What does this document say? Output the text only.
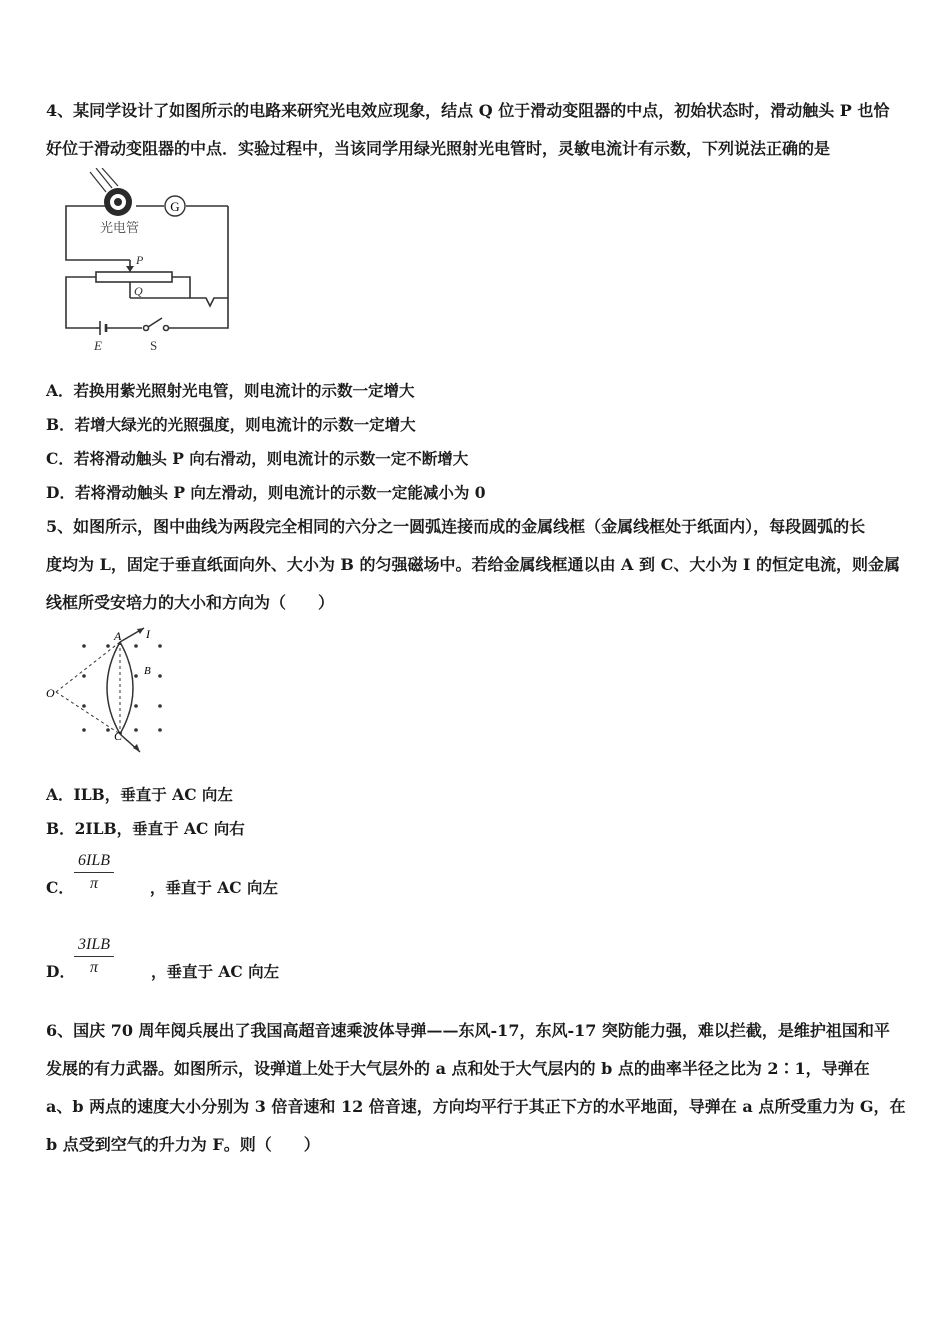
4、某同学设计了如图所示的电路来研究光电效应现象，结点 Q 位于滑动变阻器的中点，初始状态时，滑动触头 P 也恰
好位于滑动变阻器的中点．实验过程中，当该同学用绿光照射光电管时，灵敏电流计有示数，下列说法正确的是
G
光电管
P
Q
E	S
A．若换用紫光照射光电管，则电流计的示数一定增大
B．若增大绿光的光照强度，则电流计的示数一定增大
C．若将滑动触头 P 向右滑动，则电流计的示数一定不断增大
D．若将滑动触头 P 向左滑动，则电流计的示数一定能减小为 0
5、如图所示，图中曲线为两段完全相同的六分之一圆弧连接而成的金属线框（金属线框处于纸面内），每段圆弧的长
度均为 L，固定于垂直纸面向外、大小为 B 的匀强磁场中。若给金属线框通以由 A 到 C、大小为 I 的恒定电流，则金属
线框所受安培力的大小和方向为（　　）
O
A I
B
C
A．ILB，垂直于 AC 向左
B．2ILB，垂直于 AC 向右
C．	，垂直于 AC 向左
6ILB
π
D．	，垂直于 AC 向左
3ILB
π
6、国庆 70 周年阅兵展出了我国高超音速乘波体导弹——东风-17，东风-17 突防能力强，难以拦截，是维护祖国和平
发展的有力武器。如图所示，设弹道上处于大气层外的 a 点和处于大气层内的 b 点的曲率半径之比为 2∶1，导弹在
a、b 两点的速度大小分别为 3 倍音速和 12 倍音速，方向均平行于其正下方的水平地面，导弹在 a 点所受重力为 G，在
b 点受到空气的升力为 F。则（　　）
